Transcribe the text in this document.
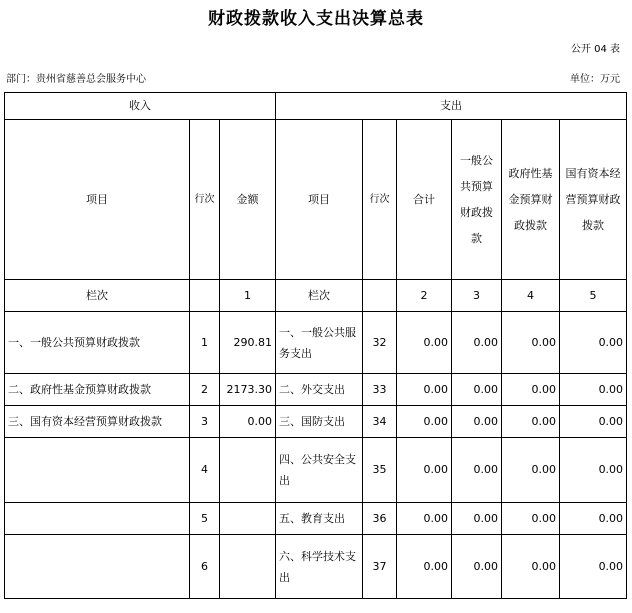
财政拨款收入支出决算总表
公开 04 表
部门：贵州省慈善总会服务中心	单位：万元
收入			支出					
项目	行次	金额	项目	行次	合计	一般公共预算财政拨款	政府性基金预算财政拨款	国有资本经营预算财政拨款
栏次		1	栏次		2	3	4	5
一、一般公共预算财政拨款	1	290.81	一、一般公共服务支出	32	0.00	0.00	0.00	0.00
二、政府性基金预算财政拨款	2	2173.30	二、外交支出	33	0.00	0.00	0.00	0.00
三、国有资本经营预算财政拨款	3	0.00	三、国防支出	34	0.00	0.00	0.00	0.00
	4		四、公共安全支出	35	0.00	0.00	0.00	0.00
	5		五、教育支出	36	0.00	0.00	0.00	0.00
	6		六、科学技术支出	37	0.00	0.00	0.00	0.00
